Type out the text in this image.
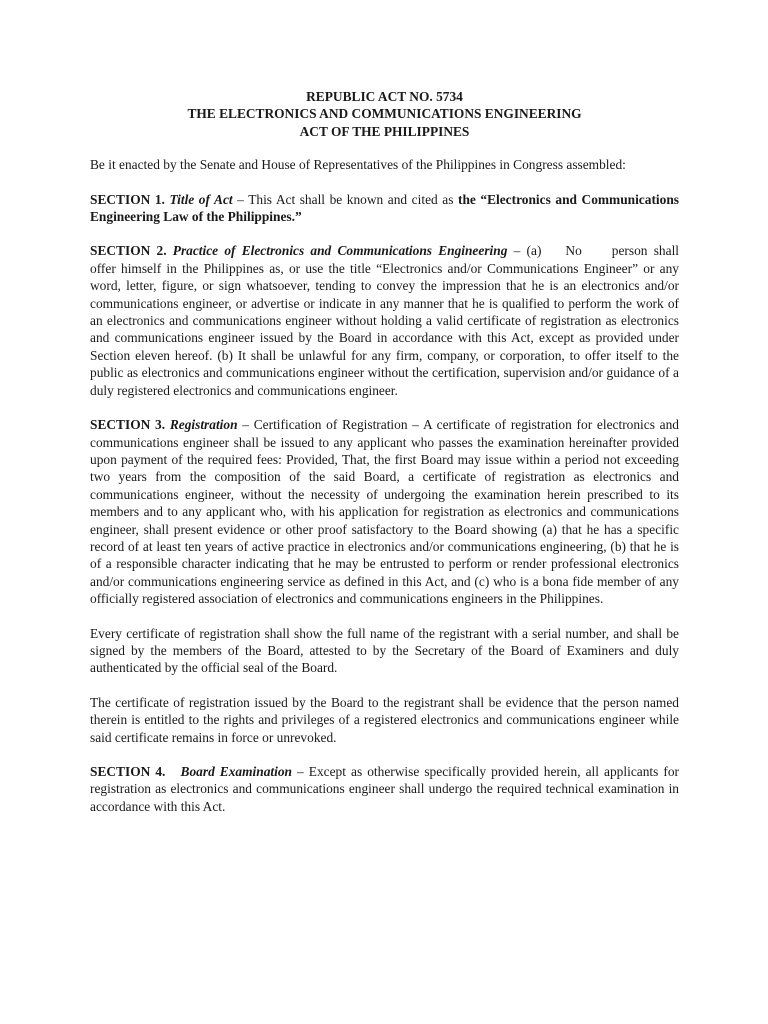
REPUBLIC ACT NO. 5734
THE ELECTRONICS AND COMMUNICATIONS ENGINEERING
ACT OF THE PHILIPPINES

Be it enacted by the Senate and House of Representatives of the Philippines in Congress assembled:

SECTION 1. Title of Act – This Act shall be known and cited as the “Electronics and Communications Engineering Law of the Philippines.”

SECTION 2. Practice of Electronics and Communications Engineering – (a) No person shall offer himself in the Philippines as, or use the title “Electronics and/or Communications Engineer” or any word, letter, figure, or sign whatsoever, tending to convey the impression that he is an electronics and/or communications engineer, or advertise or indicate in any manner that he is qualified to perform the work of an electronics and communications engineer without holding a valid certificate of registration as electronics and communications engineer issued by the Board in accordance with this Act, except as provided under Section eleven hereof. (b) It shall be unlawful for any firm, company, or corporation, to offer itself to the public as electronics and communications engineer without the certification, supervision and/or guidance of a duly registered electronics and communications engineer.

SECTION 3. Registration – Certification of Registration – A certificate of registration for electronics and communications engineer shall be issued to any applicant who passes the examination hereinafter provided upon payment of the required fees: Provided, That, the first Board may issue within a period not exceeding two years from the composition of the said Board, a certificate of registration as electronics and communications engineer, without the necessity of undergoing the examination herein prescribed to its members and to any applicant who, with his application for registration as electronics and communications engineer, shall present evidence or other proof satisfactory to the Board showing (a) that he has a specific record of at least ten years of active practice in electronics and/or communications engineering, (b) that he is of a responsible character indicating that he may be entrusted to perform or render professional electronics and/or communications engineering service as defined in this Act, and (c) who is a bona fide member of any officially registered association of electronics and communications engineers in the Philippines.

Every certificate of registration shall show the full name of the registrant with a serial number, and shall be signed by the members of the Board, attested to by the Secretary of the Board of Examiners and duly authenticated by the official seal of the Board.

The certificate of registration issued by the Board to the registrant shall be evidence that the person named therein is entitled to the rights and privileges of a registered electronics and communications engineer while said certificate remains in force or unrevoked.

SECTION 4. Board Examination – Except as otherwise specifically provided herein, all applicants for registration as electronics and communications engineer shall undergo the required technical examination in accordance with this Act.
